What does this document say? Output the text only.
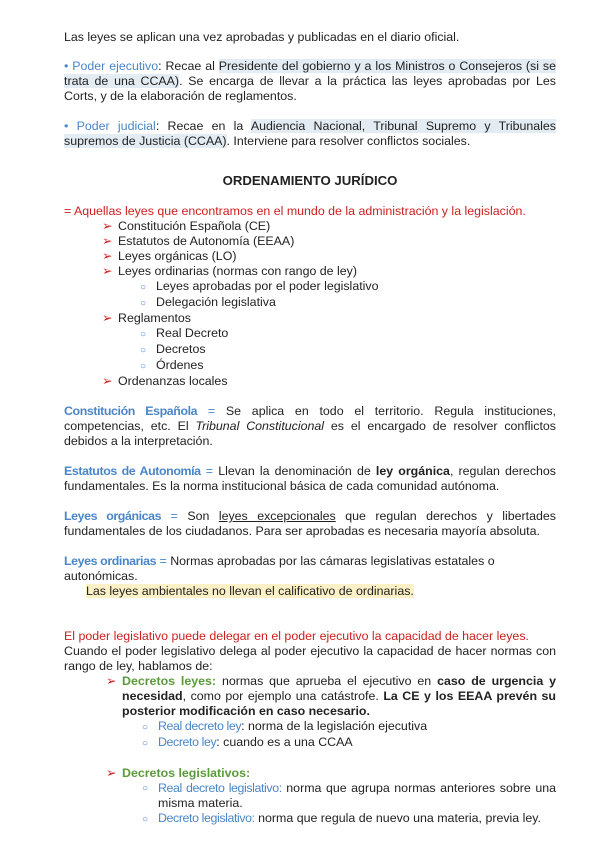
Las leyes se aplican una vez aprobadas y publicadas en el diario oficial.

• Poder ejecutivo: Recae al Presidente del gobierno y a los Ministros o Consejeros (si se trata de una CCAA). Se encarga de llevar a la práctica las leyes aprobadas por Les Corts, y de la elaboración de reglamentos.

• Poder judicial: Recae en la Audiencia Nacional, Tribunal Supremo y Tribunales supremos de Justicia (CCAA). Interviene para resolver conflictos sociales.

ORDENAMIENTO JURÍDICO

= Aquellas leyes que encontramos en el mundo de la administración y la legislación.

➢ Constitución Española (CE)
➢ Estatutos de Autonomía (EEAA)
➢ Leyes orgánicas (LO)
➢ Leyes ordinarias (normas con rango de ley)
○ Leyes aprobadas por el poder legislativo
○ Delegación legislativa
➢ Reglamentos
○ Real Decreto
○ Decretos
○ Órdenes
➢ Ordenanzas locales

Constitución Española = Se aplica en todo el territorio. Regula instituciones, competencias, etc. El Tribunal Constitucional es el encargado de resolver conflictos debidos a la interpretación.

Estatutos de Autonomía = Llevan la denominación de ley orgánica, regulan derechos fundamentales. Es la norma institucional básica de cada comunidad autónoma.

Leyes orgánicas = Son leyes excepcionales que regulan derechos y libertades fundamentales de los ciudadanos. Para ser aprobadas es necesaria mayoría absoluta.

Leyes ordinarias = Normas aprobadas por las cámaras legislativas estatales o autonómicas.

Las leyes ambientales no llevan el calificativo de ordinarias.

El poder legislativo puede delegar en el poder ejecutivo la capacidad de hacer leyes.

Cuando el poder legislativo delega al poder ejecutivo la capacidad de hacer normas con rango de ley, hablamos de:

➢ Decretos leyes: normas que aprueba el ejecutivo en caso de urgencia y necesidad, como por ejemplo una catástrofe. La CE y los EEAA prevén su posterior modificación en caso necesario.

○ Real decreto ley: norma de la legislación ejecutiva
○ Decreto ley: cuando es a una CCAA
➢ Decretos legislativos:
○ Real decreto legislativo: norma que agrupa normas anteriores sobre una misma materia.

○ Decreto legislativo: norma que regula de nuevo una materia, previa ley.
